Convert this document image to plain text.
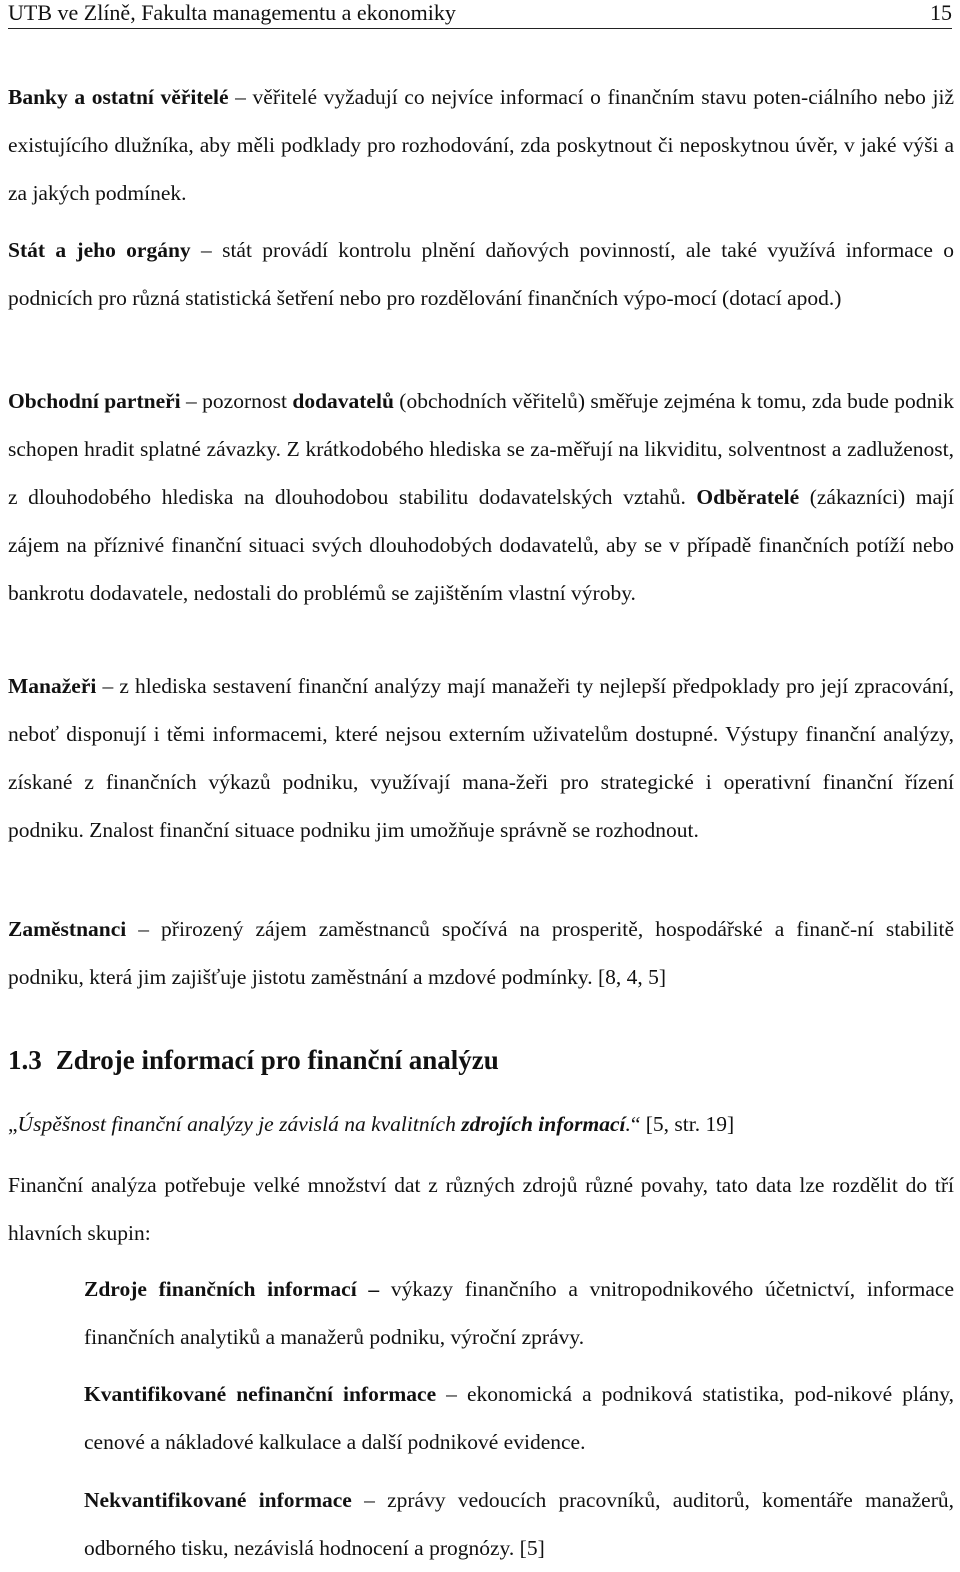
UTB ve Zlíně, Fakulta managementu a ekonomiky	15

Banky a ostatní věřitelé – věřitelé vyžadují co nejvíce informací o finančním stavu poten-ciálního nebo již existujícího dlužníka, aby měli podklady pro rozhodování, zda poskytnout či neposkytnou úvěr, v jaké výši a za jakých podmínek.

Stát a jeho orgány – stát provádí kontrolu plnění daňových povinností, ale také využívá informace o podnicích pro různá statistická šetření nebo pro rozdělování finančních výpo-mocí (dotací apod.)

Obchodní partneři – pozornost dodavatelů (obchodních věřitelů) směřuje zejména k tomu, zda bude podnik schopen hradit splatné závazky. Z krátkodobého hlediska se za-měřují na likviditu, solventnost a zadluženost, z dlouhodobého hlediska na dlouhodobou stabilitu dodavatelských vztahů. Odběratelé (zákazníci) mají zájem na příznivé finanční situaci svých dlouhodobých dodavatelů, aby se v případě finančních potíží nebo bankrotu dodavatele, nedostali do problémů se zajištěním vlastní výroby.

Manažeři – z hlediska sestavení finanční analýzy mají manažeři ty nejlepší předpoklady pro její zpracování, neboť disponují i těmi informacemi, které nejsou externím uživatelům dostupné. Výstupy finanční analýzy, získané z finančních výkazů podniku, využívají mana-žeři pro strategické i operativní finanční řízení podniku. Znalost finanční situace podniku jim umožňuje správně se rozhodnout.

Zaměstnanci – přirozený zájem zaměstnanců spočívá na prosperitě, hospodářské a finanč-ní stabilitě podniku, která jim zajišťuje jistotu zaměstnání a mzdové podmínky. [8, 4, 5]

1.3 Zdroje informací pro finanční analýzu

„Úspěšnost finanční analýzy je závislá na kvalitních zdrojích informací.“ [5, str. 19]

Finanční analýza potřebuje velké množství dat z různých zdrojů různé povahy, tato data lze rozdělit do tří hlavních skupin:

Zdroje finančních informací – výkazy finančního a vnitropodnikového účetnictví, informace finančních analytiků a manažerů podniku, výroční zprávy.
Kvantifikované nefinanční informace – ekonomická a podniková statistika, pod-nikové plány, cenové a nákladové kalkulace a další podnikové evidence.
Nekvantifikované informace – zprávy vedoucích pracovníků, auditorů, komentáře manažerů, odborného tisku, nezávislá hodnocení a prognózy. [5]
